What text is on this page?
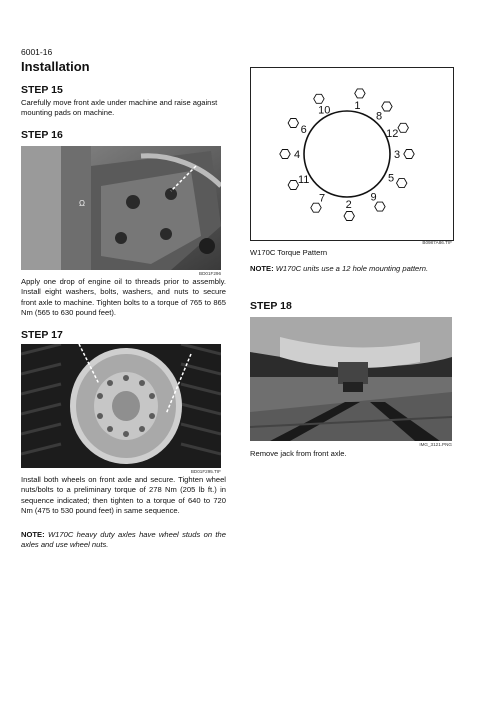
6001-16
Installation
STEP 15
Carefully move front axle under machine and raise against mounting pads on machine.
STEP 16
Ω
BD01F296
Apply one drop of engine oil to threads prior to assembly. Install eight washers, bolts, washers, and nuts to secure front axle to machine. Tighten bolts to a torque of 765 to 865 Nm (565 to 630 pound feet).
STEP 17
BD01F295.TIF
Install both wheels on front axle and secure. Tighten wheel nuts/bolts to a preliminary torque of 278 Nm (205 lb ft.) in sequence indicated; then tighten to a torque of 640 to 720 Nm (475 to 530 pound feet) in same sequence.
NOTE: W170C heavy duty axles have wheel studs on the axles and use wheel nuts.
1
2
3
4
5
6
7
8
9
10
11
12
B0987A86.TIF
W170C Torque Pattern
NOTE: W170C units use a 12 hole mounting pattern.
STEP 18
IMG_3121.PNG
Remove jack from front axle.
